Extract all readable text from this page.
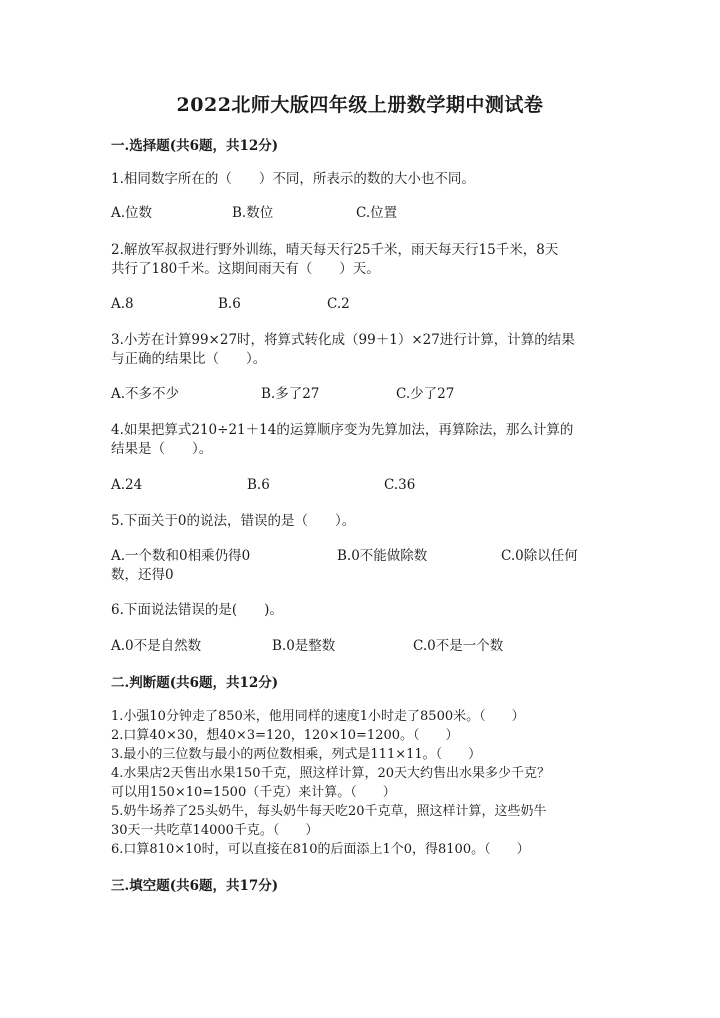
2022北师大版四年级上册数学期中测试卷
一.选择题(共6题，共12分)
1.相同数字所在的（　　）不同，所表示的数的大小也不同。
A.位数	B.数位	C.位置
2.解放军叔叔进行野外训练，晴天每天行25千米，雨天每天行15千米，8天
共行了180千米。这期间雨天有（　　）天。
A.8	B.6	C.2
3.小芳在计算99×27时，将算式转化成（99＋1）×27进行计算，计算的结果
与正确的结果比（　　）。
A.不多不少	B.多了27	C.少了27
4.如果把算式210÷21＋14的运算顺序变为先算加法，再算除法，那么计算的
结果是（　　）。
A.24	B.6	C.36
5.下面关于0的说法，错误的是（　　）。
A.一个数和0相乘仍得0	B.0不能做除数	C.0除以任何
数，还得0
6.下面说法错误的是(　　)。
A.0不是自然数	B.0是整数	C.0不是一个数
二.判断题(共6题，共12分)
1.小强10分钟走了850米，他用同样的速度1小时走了8500米。（　　）
2.口算40×30，想40×3=120，120×10=1200。（　　）
3.最小的三位数与最小的两位数相乘，列式是111×11。（　　）
4.水果店2天售出水果150千克，照这样计算，20天大约售出水果多少千克？
可以用150×10=1500（千克）来计算。（　　）
5.奶牛场养了25头奶牛，每头奶牛每天吃20千克草，照这样计算，这些奶牛
30天一共吃草14000千克。（　　）
6.口算810×10时，可以直接在810的后面添上1个0，得8100。（　　）
三.填空题(共6题，共17分)
